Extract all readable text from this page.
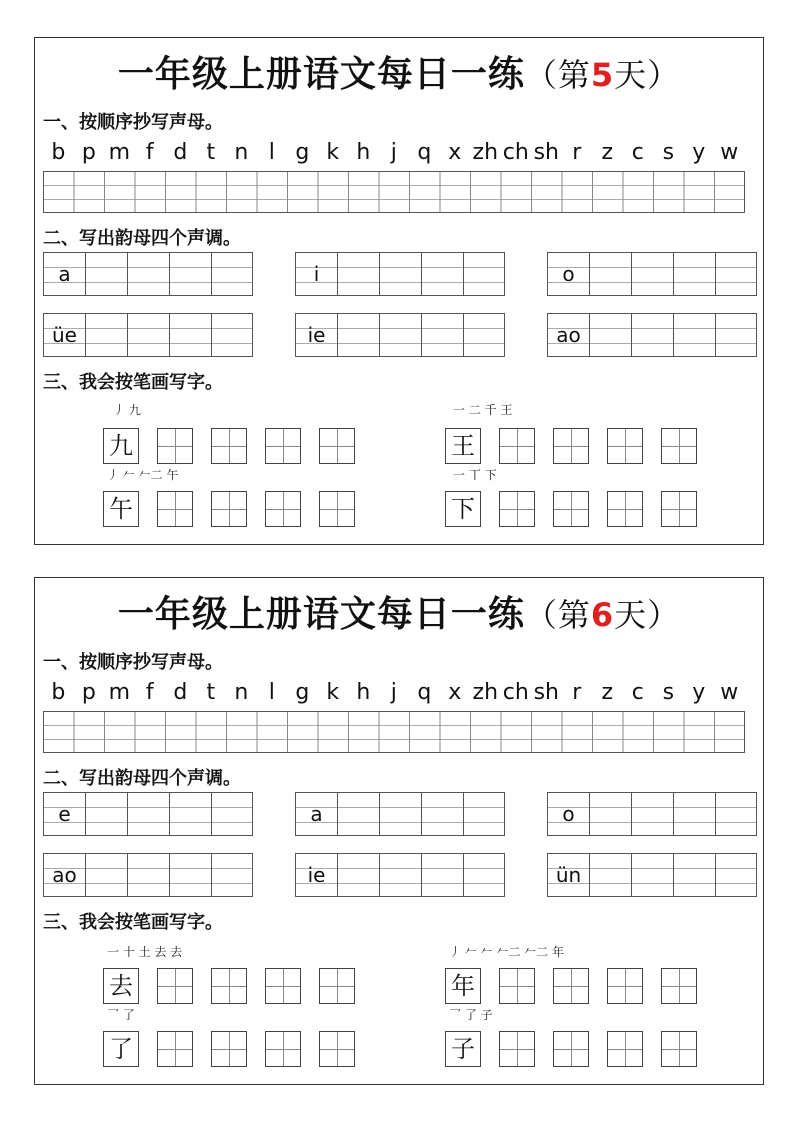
一年级上册语文每日一练（第5天）
一、按顺序抄写声母。
b p m f d t n l g k h j q x zh ch sh r z c s y w
二、写出韵母四个声调。
a	i	o
üe	ie	ao
三、我会按笔画写字。
丿 九
九
一 二 千 王
王
丿 𠂉 𠂉二 午
午
一 丅 下
下
一年级上册语文每日一练（第6天）
一、按顺序抄写声母。
b p m f d t n l g k h j q x zh ch sh r z c s y w
二、写出韵母四个声调。
e	a	o
ao	ie	ün
三、我会按笔画写字。
一 十 土 去 去
去
丿 𠂉 𠂉 𠂉二 𠂉二 年
年
乛 了
了
乛 了 子
子
